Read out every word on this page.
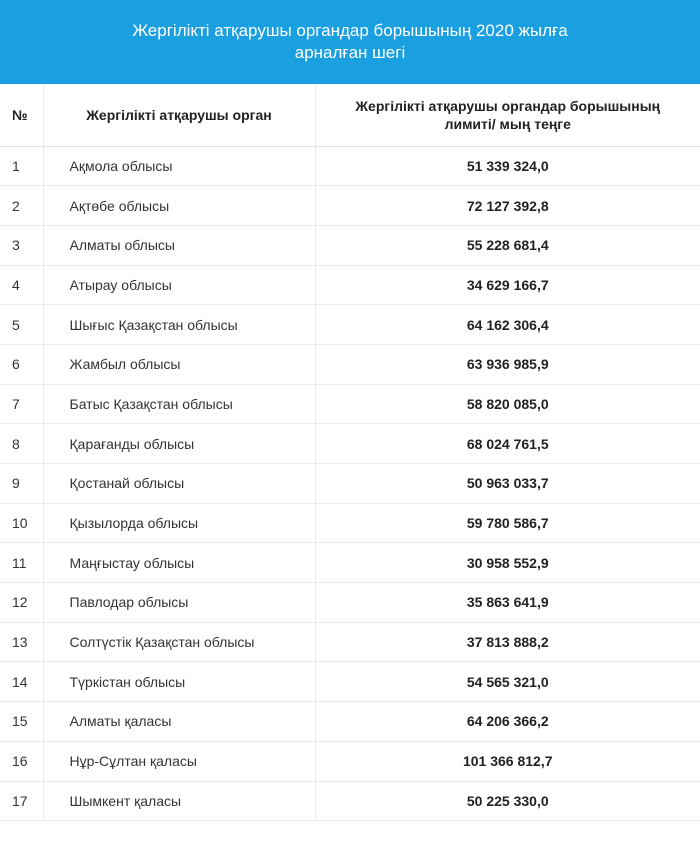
Жергілікті атқарушы органдар борышының 2020 жылға
арналған шегі
№	Жергілікті атқарушы орган	Жергілікті атқарушы органдар борышының
лимиті/ мың теңге

1	Ақмола облысы	51 339 324,0
2	Ақтөбе облысы	72 127 392,8
3	Алматы облысы	55 228 681,4
4	Атырау облысы	34 629 166,7
5	Шығыс Қазақстан облысы	64 162 306,4
6	Жамбыл облысы	63 936 985,9
7	Батыс Қазақстан облысы	58 820 085,0
8	Қарағанды облысы	68 024 761,5
9	Қостанай облысы	50 963 033,7
10	Қызылорда облысы	59 780 586,7
11	Маңғыстау облысы	30 958 552,9
12	Павлодар облысы	35 863 641,9
13	Солтүстік Қазақстан облысы	37 813 888,2
14	Түркістан облысы	54 565 321,0
15	Алматы қаласы	64 206 366,2
16	Нұр-Сұлтан қаласы	101 366 812,7
17	Шымкент қаласы	50 225 330,0
